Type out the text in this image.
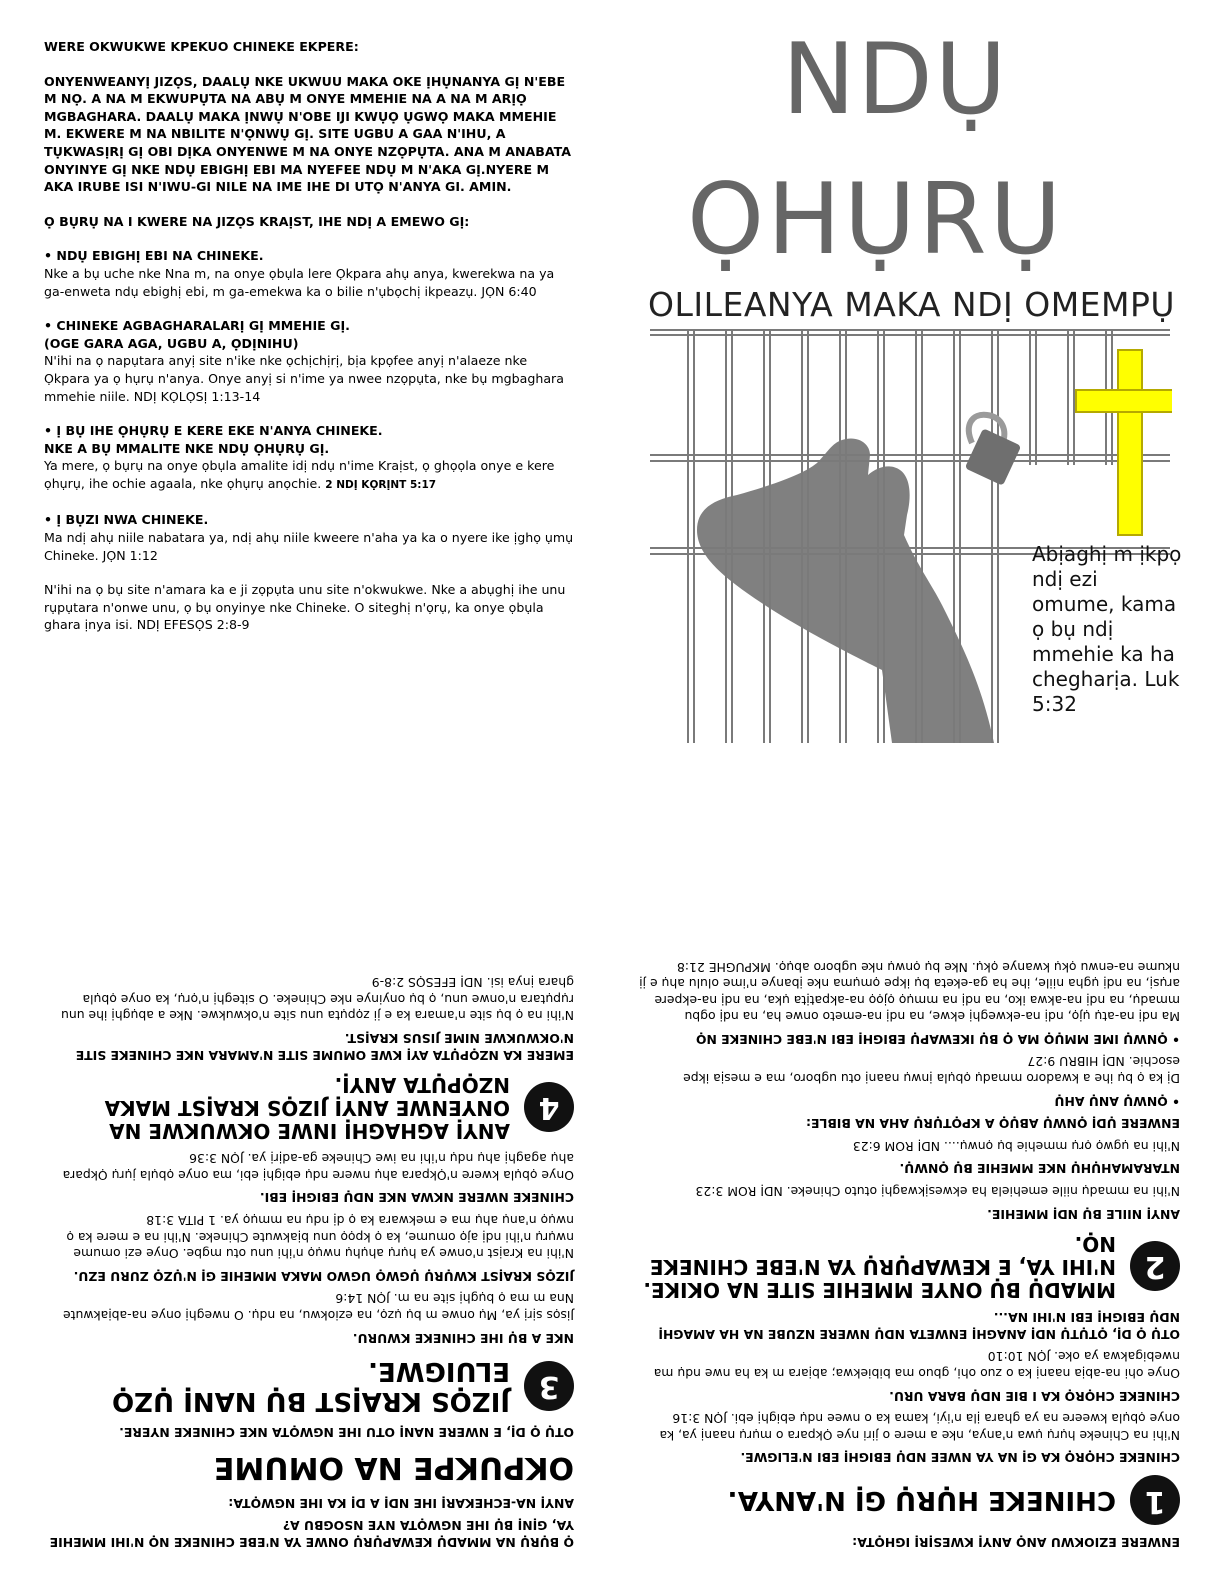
WERE OKWUKWE KPEKUO CHINEKE EKPERE:

ONYENWEANYỊ JIZỌS, DAALỤ NKE UKWUU MAKA OKE ỊHỤNANYA GỊ N'EBE M NỌ. A NA M EKWUPỤTA NA ABỤ M ONYE MMEHIE NA A NA M ARỊỌ MGBAGHARA. DAALỤ MAKA ỊNWỤ N'OBE IJI KWỤỌ ỤGWỌ MAKA MMEHIE M. EKWERE M NA NBILITE N'ỌNWỤ GỊ. SITE UGBU A GAA N'IHU, A TỤKWASỊRỊ GỊ OBI DỊKA ONYENWE M NA ONYE NZỌPỤTA. ANA M ANABATA ONYINYE GỊ NKE NDỤ EBIGHỊ EBI MA NYEFEE NDỤ M N'AKA GỊ.NYERE M AKA IRUBE ISI N'IWU-GI NILE NA IME IHE DI UTỌ N'ANYA GI. AMIN.

Ọ BỤRỤ NA I KWERE NA JIZỌS KRAỊST, IHE NDỊ A EMEWO GỊ:

• NDỤ EBIGHỊ EBI NA CHINEKE.
Nke a bụ uche nke Nna m, na onye ọbụla lere Ọkpara ahụ anya, kwerekwa na ya ga-enweta ndụ ebighị ebi, m ga-emekwa ka o bilie n'ụbọchị ikpeazụ. JỌN 6:40

• CHINEKE AGBAGHARALARỊ GỊ MMEHIE GỊ.
(OGE GARA AGA, UGBU A, ỌDỊNIHU)
N'ihi na ọ napụtara anyị site n'ike nke ọchịchịrị, bịa kpọfee anyị n'alaeze nke Ọkpara ya ọ hụrụ n'anya. Onye anyị si n'ime ya nwee nzọpụta, nke bụ mgbaghara mmehie niile. NDỊ KỌLỌSỊ 1:13-14

• Ị BỤ IHE ỌHỤRỤ E KERE EKE N'ANYA CHINEKE.
NKE A BỤ MMALITE NKE NDỤ ỌHỤRỤ GỊ.
Ya mere, ọ bụrụ na onye ọbụla amalite idị ndụ n'ime Kraịst, ọ ghọọla onye e kere ọhụrụ, ihe ochie agaala, nke ọhụrụ anọchie. 2 NDỊ KỌRỊNT 5:17

• Ị BỤZI NWA CHINEKE.
Ma ndị ahụ niile nabatara ya, ndị ahụ niile kweere n'aha ya ka o nyere ike ịghọ ụmụ Chineke. JỌN 1:12

N'ihi na ọ bụ site n'amara ka e ji zọpụta unu site n'okwukwe. Nke a abụghị ihe unu rụpụtara n'onwe unu, ọ bụ onyinye nke Chineke. O siteghị n'ọrụ, ka onye ọbụla ghara ịnya isi. NDỊ EFESỌS 2:8-9

NDỤ
ỌHỤRỤ
OLILEANYA MAKA NDỊ OMEMPỤ
Abịaghị m ịkpọ ndị ezi omume, kama ọ bụ ndị mmehie ka ha chegharịa. Luk 5:32

Ọ BỤRỤ NA MMADỤ KEWAPỤRỤ ONWE YA N'EBE CHINEKE NỌ N'IHI MMEHIE YA, GỊNỊ BỤ IHE NGWỌTA NYE NSOGBU A?

ANYỊ NA-ECHEKARỊ IHE NDỊ A DỊ KA IHE NGWỌTA:

OKPUKPE NA OMUME

OTỤ Ọ DỊ, E NWERE NANỊ OTU IHE NGWỌTA NKE CHINEKE NYERE.

3
JIZỌS KRAỊST BỤ NANỊ ỤZỌ ELUIGWE.

NKE A BỤ IHE CHINEKE KWURU.

Jisọs sịrị ya, Mụ onwe m bụ ụzọ, na eziokwu, na ndụ. O nweghị onye na-abịakwute Nna m ma ọ bụghị site na m. JỌN 14:6

JIZỌS KRAỊST KWỤRỤ ỤGWỌ UGWO MAKA MMEHIE GỊ N'ỤZỌ ZURU EZU.

N'ihi na Kraịst n'onwe ya hụrụ ahụhụ nwụọ n'ihi unu otu mgbe. Onye ezi omume nwụrụ n'ihi ndị ajọ omume, ka ọ kpọọ unu bịakwute Chineke. N'ihi na e mere ka ọ nwụọ n'anụ ahụ ma e mekwara ka ọ dị ndụ na mmụọ ya. 1 PITA 3:18

CHINEKE NWERE NKWA NKE NDỤ EBIGHỊ EBI.

Onye ọbụla kwere n'Ọkpara ahụ nwere ndụ ebighị ebi, ma onye ọbụla jụrụ Ọkpara ahụ agaghị ahụ ndụ n'ihi na iwe Chineke ga-adịrị ya. JỌN 3:36

4
ANYỊ AGHAGHỊ INWE OKWUKWE NA ONYENWE ANYỊ JIZỌS KRAỊST MAKA NZỌPỤTA ANYỊ.

EMERE KA NZỌPỤTA AYỊ KWE OMUME SITE N'AMARA NKE CHINEKE SITE N'OKWUKWE NIME JISUS KRAỊST.

N'ihi na ọ bụ site n'amara ka e ji zọpụta unu site n'okwukwe. Nke a abụghị ihe unu rụpụtara n'onwe unu, ọ bụ onyinye nke Chineke. O siteghị n'ọrụ, ka onye ọbụla ghara ịnya isi. NDỊ EFESỌS 2:8-9

ENWERE EZIOKWU ANỌ ANYỊ KWESỊRỊ IGHỌTA:

1
CHINEKE HỤRỤ GỊ N'ANYA.

CHINEKE CHỌRỌ KA GỊ NA YA NWEE NDỤ EBIGHỊ EBI N'ELIGWE.

N'ihi na Chineke hụrụ ụwa n'anya, nke a mere o jiri nye Ọkpara o mụrụ naanị ya, ka onye ọbụla kweere na ya ghara ịla n'iyi, kama ka o nwee ndụ ebighị ebi. JỌN 3:16

CHINEKE CHỌRỌ KA I BIE NDỤ BARA URU.

Onye ohi na-abịa naanị ka o zuo ohi, gbuo ma bibiekwa; abịara m ka ha nwe ndụ ma nwebigakwa ya oke. JỌN 10:10

OTỤ Ọ DỊ, ỌTỤTỤ NDỊ ANAGHỊ ENWETA NDỤ NWERE NZUBE NA HA AMAGHỊ NDỤ EBIGHỊ EBI N'IHI NA...

2
MMADỤ BỤ ONYE MMEHIE SITE NA OKIKE. N'IHI YA, E KEWAPỤRỤ YA N'EBE CHINEKE NỌ.

ANYỊ NIILE BỤ NDỊ MMEHIE.

N'ihi na mmadụ niile emehiela ha ekwesịkwaghị otuto Chineke. NDỊ ROM 3:23

NTARAMAHỤHỤ NKE MMEHIE BỤ ỌNWỤ.

N'ihi na ụgwọ ọrụ mmehie bụ ọnwụ.... NDỊ ROM 6:23

ENWERE ỤDỊ ỌNWỤ ABỤỌ A KPỌTỤRỤ AHA NA BIBLE:

• ỌNWỤ ANỤ AHỤ

Dị ka ọ bụ ihe a kwadoro mmadụ ọbụla ịnwụ naanị otu ugboro, ma e mesịa ikpe esochie. NDỊ HIBRU 9:27

• ỌNWỤ IME MMỤỌ MA Ọ BỤ IKEWAPỤ EBIGHỊ EBI N'EBE CHINEKE NỌ

Ma ndị na-atụ ụjọ, ndị na-ekweghị ekwe, na ndị na-emeto onwe ha, na ndị ogbu mmadụ, na ndị na-akwa iko, na ndị na mmụọ ọjọọ na-akpatịta ụka, na ndị na-ekpere arụsị, na ndị ụgha niile, ihe ha ga-eketa bụ ikpe ọmụma nke ịbanye n'ime olulu ahụ e jị nkume na-enwu ọkụ kwanye ọkụ. Nke bụ ọnwụ nke ugboro abụọ. MKPUGHE 21:8
